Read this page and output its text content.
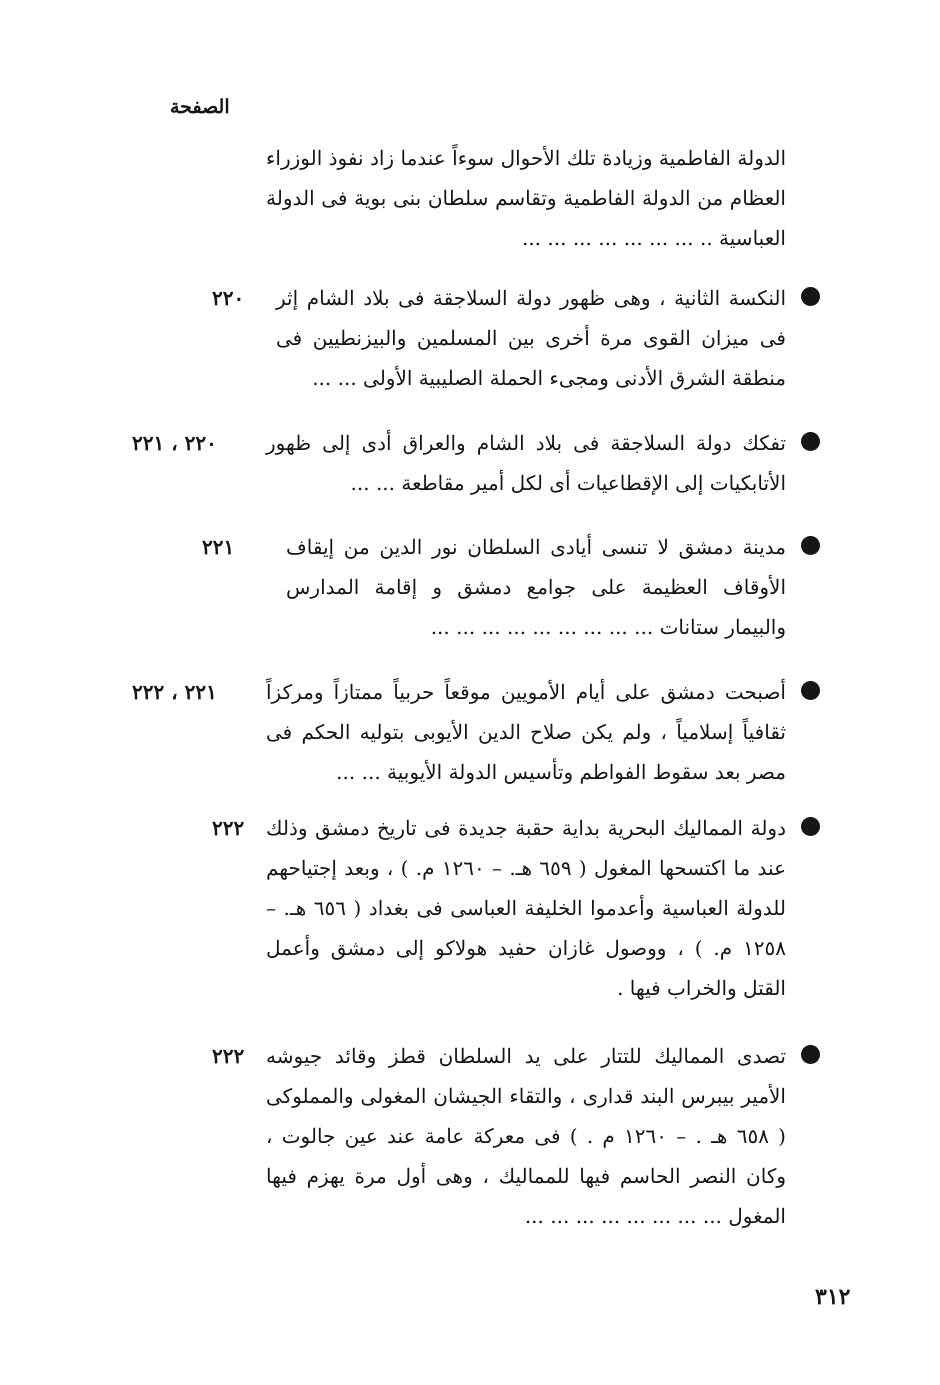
الصفحة
الدولة الفاطمية وزيادة تلك الأحوال سوءاً عندما زاد نفوذ الوزراء العظام من الدولة الفاطمية وتقاسم سلطان بنى بوية فى الدولة العباسية .. ... ... ... ... ... ... ...
النكسة الثانية ، وهى ظهور دولة السلاجقة فى بلاد الشام إثر فى ميزان القوى مرة أخرى بين المسلمين والبيزنطيين فى منطقة الشرق الأدنى ومجىء الحملة الصليبية الأولى ... ...
٢٢٠
تفكك دولة السلاجقة فى بلاد الشام والعراق أدى إلى ظهور الأتابكيات إلى الإقطاعيات أى لكل أمير مقاطعة ... ...
٢٢٠ ، ٢٢١
مدينة دمشق لا تنسى أيادى السلطان نور الدين من إيقاف الأوقاف العظيمة على جوامع دمشق و إقامة المدارس والبيمار ستانات ... ... ... ... ... ... ... ... ...
٢٢١
أصبحت دمشق على أيام الأمويين موقعاً حربياً ممتازاً ومركزاً ثقافياً إسلامياً ، ولم يكن صلاح الدين الأيوبى بتوليه الحكم فى مصر بعد سقوط الفواطم وتأسيس الدولة الأيوبية ... ...
٢٢١ ، ٢٢٢
دولة المماليك البحرية بداية حقبة جديدة فى تاريخ دمشق وذلك عند ما اكتسحها المغول ( ٦٥٩ هـ. – ١٢٦٠ م. ) ، وبعد إجتياحهم للدولة العباسية وأعدموا الخليفة العباسى فى بغداد ( ٦٥٦ هـ. – ١٢٥٨ م. ) ، ووصول غازان حفيد هولاكو إلى دمشق وأعمل القتل والخراب فيها .
٢٢٢
تصدى المماليك للتتار على يد السلطان قطز وقائد جيوشه الأمير بيبرس البند قدارى ، والتقاء الجيشان المغولى والمملوكى ( ٦٥٨ هـ . – ١٢٦٠ م . ) فى معركة عامة عند عين جالوت ، وكان النصر الحاسم فيها للمماليك ، وهى أول مرة يهزم فيها المغول ... ... ... ... ... ... ... ...
٢٢٢
٣١٢
